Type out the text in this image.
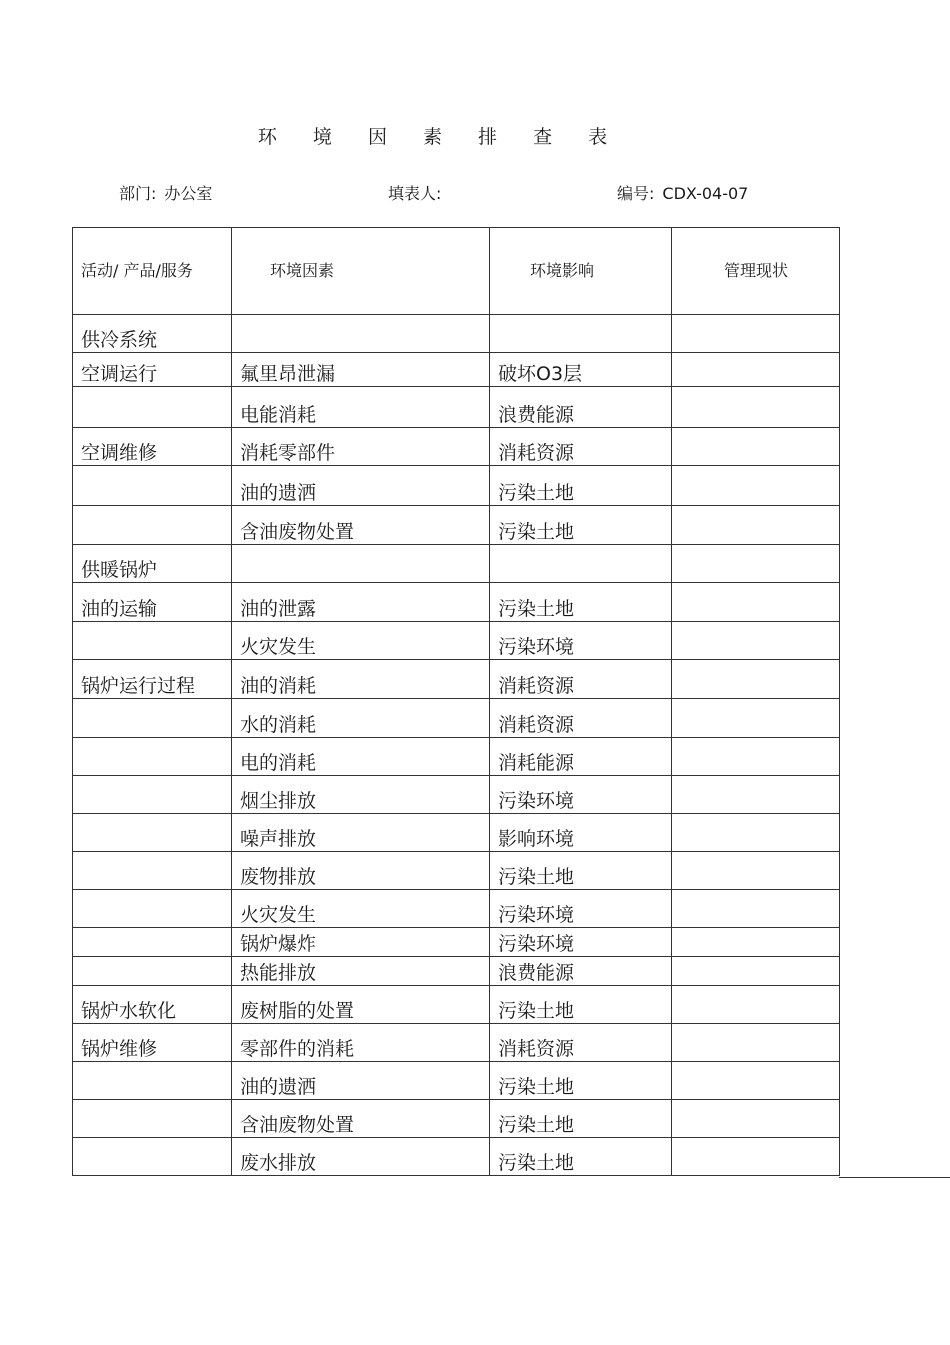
环 境 因 素 排 查 表
部门: 办公室	填表人:	编号: CDX-04-07
活动/ 产品/服务	环境因素	环境影响	管理现状
供冷系统			
空调运行	氟里昂泄漏	破坏O3层	
	电能消耗	浪费能源	
空调维修	消耗零部件	消耗资源	
	油的遗洒	污染土地	
	含油废物处置	污染土地	
供暖锅炉			
油的运输	油的泄露	污染土地	
	火灾发生	污染环境	
锅炉运行过程	油的消耗	消耗资源	
	水的消耗	消耗资源	
	电的消耗	消耗能源	
	烟尘排放	污染环境	
	噪声排放	影响环境	
	废物排放	污染土地	
	火灾发生	污染环境	
	锅炉爆炸	污染环境	
	热能排放	浪费能源	
锅炉水软化	废树脂的处置	污染土地	
锅炉维修	零部件的消耗	消耗资源	
	油的遗洒	污染土地	
	含油废物处置	污染土地	
	废水排放	污染土地	
